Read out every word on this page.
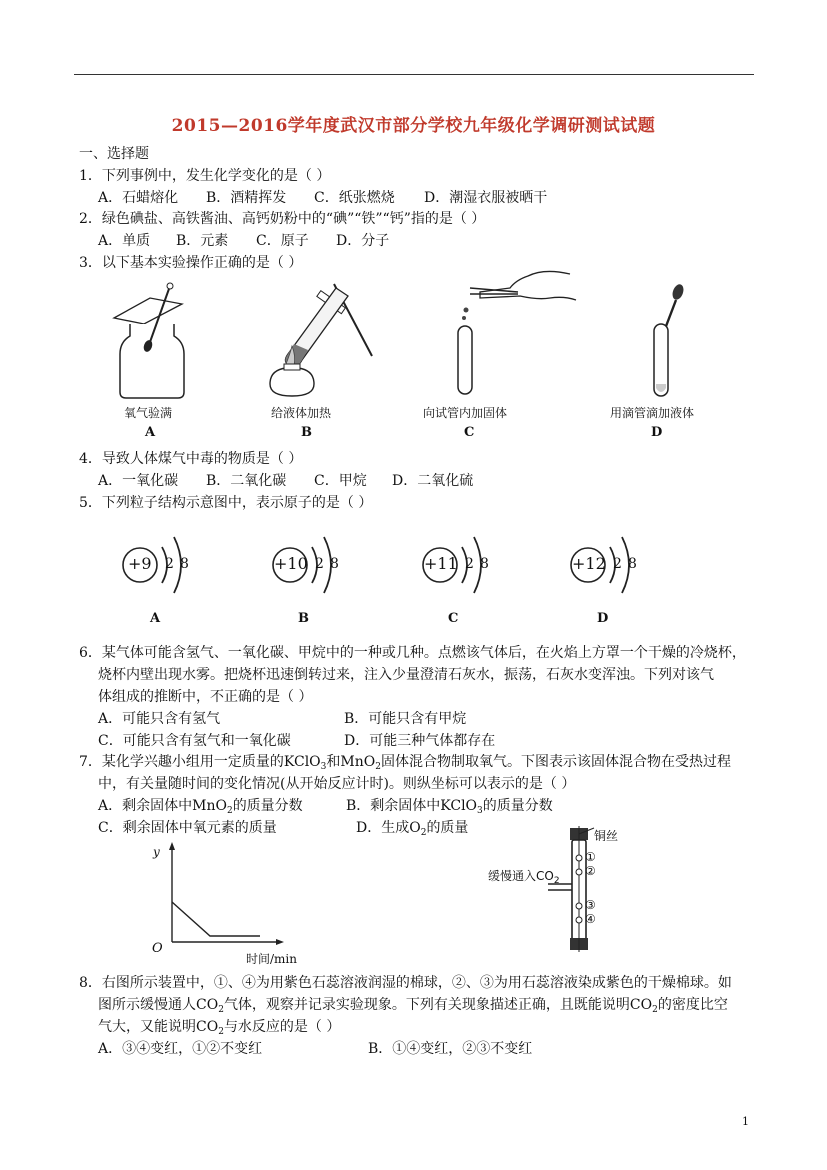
2015—2016学年度武汉市部分学校九年级化学调研测试试题
一、选择题
1．下列事例中，发生化学变化的是（ ）
A．石蜡熔化 B．酒精挥发 C．纸张燃烧 D．潮湿衣服被晒干
2．绿色碘盐、高铁酱油、高钙奶粉中的“碘”“铁”“钙”指的是（ ）
A．单质 B．元素 C．原子 D．分子
3．以下基本实验操作正确的是（ ）
氧气验满
A
给液体加热
B
向试管内加固体
C
用滴管滴加液体
D
4．导致人体煤气中毒的物质是（ ）
A．一氧化碳 B．二氧化碳 C．甲烷 D．二氧化硫
5．下列粒子结构示意图中，表示原子的是（ ）
+9 2 8
A
+10 2 8
B
+11 2 8
C
+12 2 8
D
6．某气体可能含氢气、一氧化碳、甲烷中的一种或几种。点燃该气体后，在火焰上方罩一个干燥的冷烧杯，
烧杯内壁出现水雾。把烧杯迅速倒转过来，注入少量澄清石灰水，振荡，石灰水变浑浊。下列对该气
体组成的推断中，不正确的是（ ）
A．可能只含有氢气	B．可能只含有甲烷
C．可能只含有氢气和一氧化碳	D．可能三种气体都存在
7．某化学兴趣小组用一定质量的KClO$_3$和MnO$_2$固体混合物制取氧气。下图表示该固体混合物在受热过程
中，有关量随时间的变化情况(从开始反应计时)。则纵坐标可以表示的是（ ）
A．剩余固体中MnO$_2$的质量分数	B．剩余固体中KClO$_3$的质量分数
C．剩余固体中氧元素的质量	D．生成$O_2$的质量
y
O
时间/min
铜丝
缓慢通入$CO_2$
①
②
③
④
8．右图所示装置中，①、④为用紫色石蕊溶液润湿的棉球，②、③为用石蕊溶液染成紫色的干燥棉球。如
图所示缓慢通人$CO_2$气体，观察并记录实验现象。下列有关现象描述正确，且既能说明$CO_2$的密度比空
气大，又能说明$CO_2$与水反应的是（ ）
A．③④变红，①②不变红	B．①④变红，②③不变红
1
